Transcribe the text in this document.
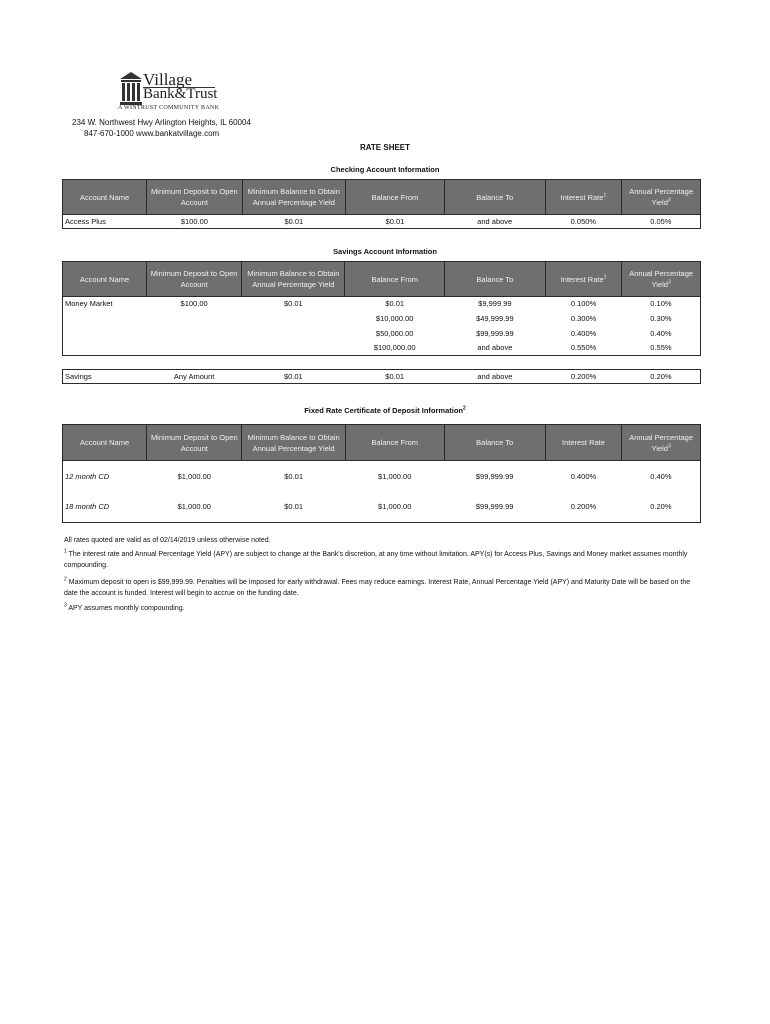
Village
Bank&Trust
A WINTRUST COMMUNITY BANK
234 W. Northwest Hwy Arlington Heights, IL 60004
847-670-1000 www.bankatvillage.com
RATE SHEET
Checking Account Information
Account Name	Minimum Deposit to Open Account	Minimum Balance to Obtain Annual Percentage Yield	Balance From	Balance To	Interest Rate$^1$	Annual Percentage Yield$^3$
Access Plus	$100.00	$0.01	$0.01	and above	0.050%	0.05%
Savings Account Information
Account Name	Minimum Deposit to Open Account	Minimum Balance to Obtain Annual Percentage Yield	Balance From	Balance To	Interest Rate$^1$	Annual Percentage Yield$^3$
Money Market	$100.00	$0.01	$0.01	$9,999.99	0.100%	0.10%
			$10,000.00	$49,999.99	0.300%	0.30%
			$50,000.00	$99,999.99	0.400%	0.40%
			$100,000.00	and above	0.550%	0.55%

Savings	Any Amount	$0.01	$0.01	and above	0.200%	0.20%
Fixed Rate Certificate of Deposit Information$^2$
Account Name	Minimum Deposit to Open Account	Minimum Balance to Obtain Annual Percentage Yield	Balance From	Balance To	Interest Rate	Annual Percentage Yield$^3$
12 month CD	$1,000.00	$0.01	$1,000.00	$99,999.99	0.400%	0.40%
18 month CD	$1,000.00	$0.01	$1,000.00	$99,999.99	0.200%	0.20%
All rates quoted are valid as of 02/14/2019 unless otherwise noted.
$^1$ The interest rate and Annual Percentage Yield (APY) are subject to change at the Bank's discretion, at any time without limitation. APY(s) for Access Plus, Savings and Money market assumes monthly compounding.
$^2$ Maximum deposit to open is $99,999.99. Penalties will be imposed for early withdrawal. Fees may reduce earnings. Interest Rate, Annual Percentage Yield (APY) and Maturity Date will be based on the date the account is funded. Interest will begin to accrue on the funding date.
$^3$ APY assumes monthly compounding.
